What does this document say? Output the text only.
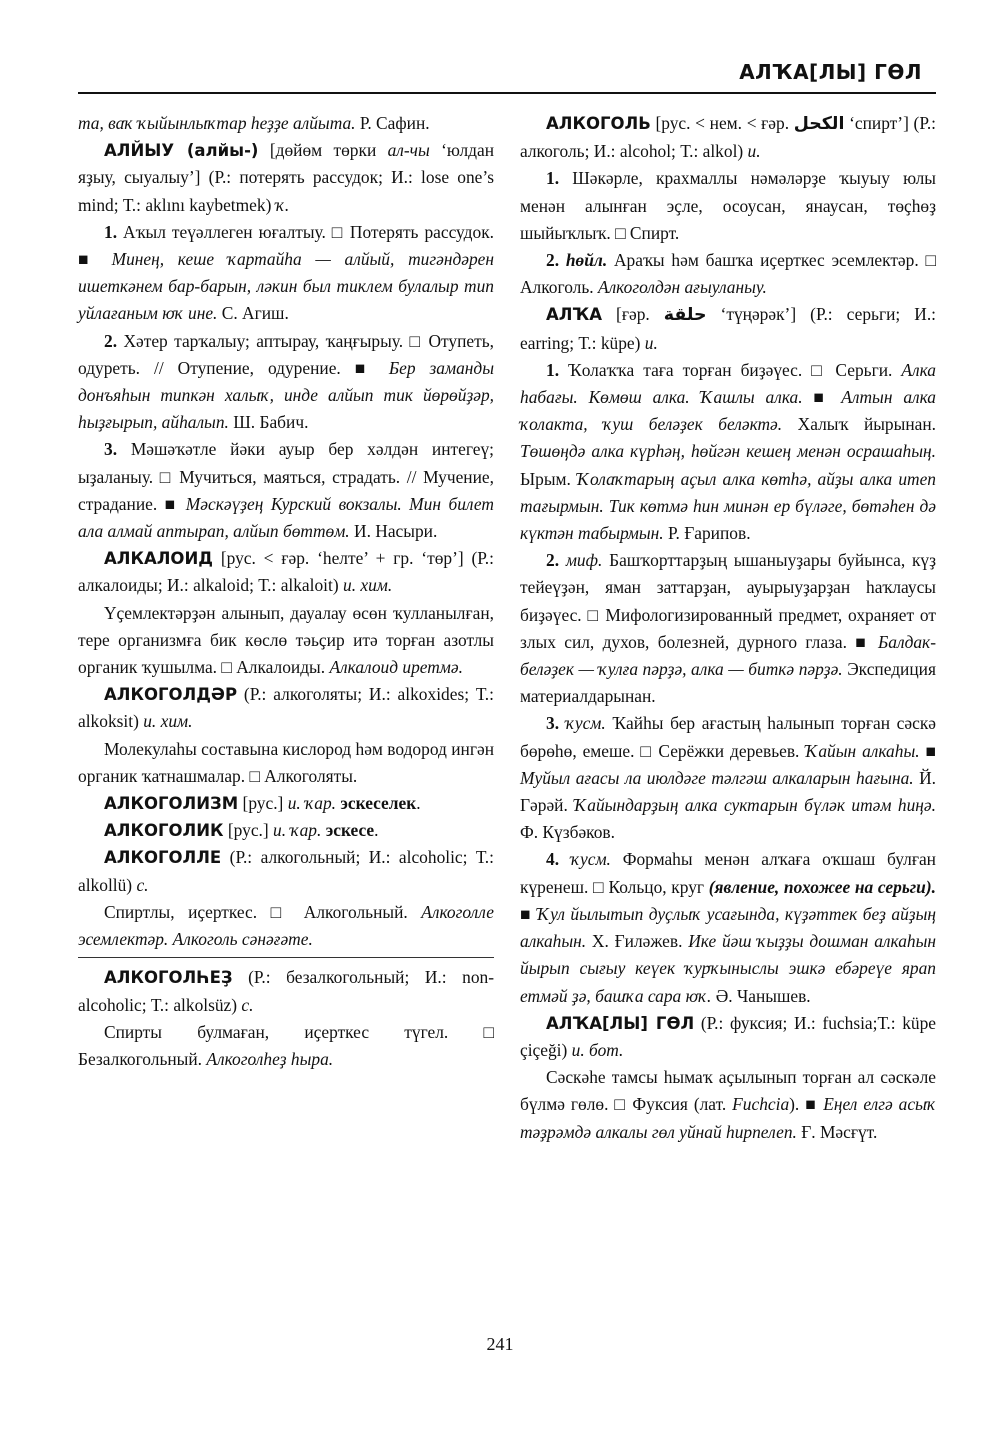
АЛҠА[ЛЫ] ГӨЛ

та, ваҡ ҡыйынлыҡтар һеҙҙе алйыта. Р. Сафин.

АЛЙЫУ (алйы-) [дөйөм төрки ал-чы ‘юлдан яҙыу, сыуалыу’] (Р.: потерять рассудок; И.: lose one’s mind; Т.: aklını kaybetmek) ҡ.

1. Аҡыл теүәллеген юғалтыу. □ Потерять рассудок. ■ Минең, кеше ҡартайһа — алйый, тигәндәрен ишеткәнем бар-барын, ләкин был тиклем булалыр тип уйлағаным юҡ ине. С. Агиш.

2. Хәтер тарҡалыу; аптырау, ҡаңғырыу. □ Отупеть, одуреть. // Отупение, одурение. ■ Бер заманды донъяһын типкән халыҡ, инде алйып тик йөрөйҙәр, һыҙғырып, айһалып. Ш. Бабич.

3. Мәшәҡәтле йәки ауыр бер хәлдән интегеү; ыҙаланыу. □ Мучиться, маяться, страдать. // Мучение, страдание. ■ Мәскәүҙең Курский вокзалы. Мин билет ала алмай аптырап, алйып бөттөм. И. Насыри.

АЛКАЛОИД [рус. < ғәр. ‘һелте’ + гр. ‘төр’] (Р.: алкалоиды; И.: alkaloid; Т.: alkaloit) и. хим.

Үҫемлектәрҙән алынып, дауалау өсөн ҡулланылған, тере организмға бик көслө тәьҫир итә торған азотлы органик ҡушылма. □ Алкалоиды. Алкалоид иретмә.

АЛКОГОЛДӘР (Р.: алкоголяты; И.: alkoxides; Т.: alkoksit) и. хим.

Молекулаһы составына кислород һәм водород ингән органик ҡатнашмалар. □ Алкоголяты.

АЛКОГОЛИЗМ [рус.] и. ҡар. эскеселек.

АЛКОГОЛИК [рус.] и. ҡар. эскесе.

АЛКОГОЛЛЕ (Р.: алкогольный; И.: alcoholic; Т.: alkollü) с.

Спиртлы, иҫерткес. □ Алкогольный. Алкоголле эсемлектәр. Алкоголь сәнәғәте.

АЛКОГОЛҺЕҘ (Р.: безалкогольный; И.: non-alcoholic; Т.: alkolsüz) с.

Спирты булмаған, иҫерткес түгел. □ Безалкогольный. Алкоголһеҙ һыра.

АЛКОГОЛЬ [рус. < нем. < ғәр. الكحل ‘спирт’] (Р.: алкоголь; И.: alcohol; Т.: alkol) и.

1. Шәкәрле, крахмаллы нәмәләрҙе ҡыуыу юлы менән алынған эҫле, осоусан, янаусан, төҫһөҙ шыйыҡлыҡ. □ Спирт.

2. һөйл. Араҡы һәм башҡа иҫерткес эсемлектәр. □ Алкоголь. Алкоголдән ағыуланыу.

АЛҠА [ғәр. حلقة ‘түңәрәк’] (Р.: серьги; И.: earring; Т.: küpe) и.

1. Ҡолаҡҡа таға торған биҙәүес. □ Серьги. Алка һабағы. Көмөш алка. Ҡашлы алка. ■ Алтын алка ҡолакта, ҡуш беләҙек беләктә. Халыҡ йырынан. Төшөңдә алка күрһәң, һөйгән кешең менән осрашаһың. Ырым. Ҡолаҡтарың аҫыл алка көтһә, айҙы алка итеп тағырмын. Тик көтмә һин минән ер бүләге, бөтәһен дә күктән табырмын. Р. Ғарипов.

2. миф. Башҡорттарҙың ышаныуҙары буйынса, күҙ тейеүҙән, яман заттарҙан, ауырыуҙарҙан һаҡлаусы биҙәүес. □ Мифологизированный предмет, охраняет от злых сил, духов, болезней, дурного глаза. ■ Балдак-беләҙек — ҡулға пәрҙә, алка — биткә пәрҙә. Экспедиция материалдарынан.

3. ҡусм. Ҡайһы бер ағастың һалынып торған сәскә бөрөһө, емеше. □ Серёжки деревьев. Ҡайын алкаһы. ■ Муйыл ағасы ла июлдәге тәлгәш алкаларын һағына. Й. Гәрәй. Ҡайындарҙың алка суктарын бүләк итәм һиңә. Ф. Күзбәков.

4. ҡусм. Формаһы менән алҡаға оҡшаш булған күренеш. □ Кольцо, круг (явление, похожее на серьги). ■ Ҡул йылытып дуҫлыҡ усағында, күҙәттек беҙ айҙың алкаһын. Х. Ғиләжев. Ике йәш ҡыҙҙы дошман алкаһын йырып сығыу кеүек ҡурҡыныслы эшкә ебәреүе ярап етмәй ҙә, башҡа сара юҡ. Ә. Чанышев.

АЛҠА[ЛЫ] ГӨЛ (Р.: фуксия; И.: fuchsia;Т.: küpe çiçeği) и. бот.

Сәскәһе тамсы һымаҡ аҫылынып торған ал сәскәле бүлмә гөлө. □ Фуксия (лат. Fuchcia). ■ Еңел елгә асыҡ тәҙрәмдә алкалы гөл уйнай һирпелеп. Ғ. Мәсғүт.

241
